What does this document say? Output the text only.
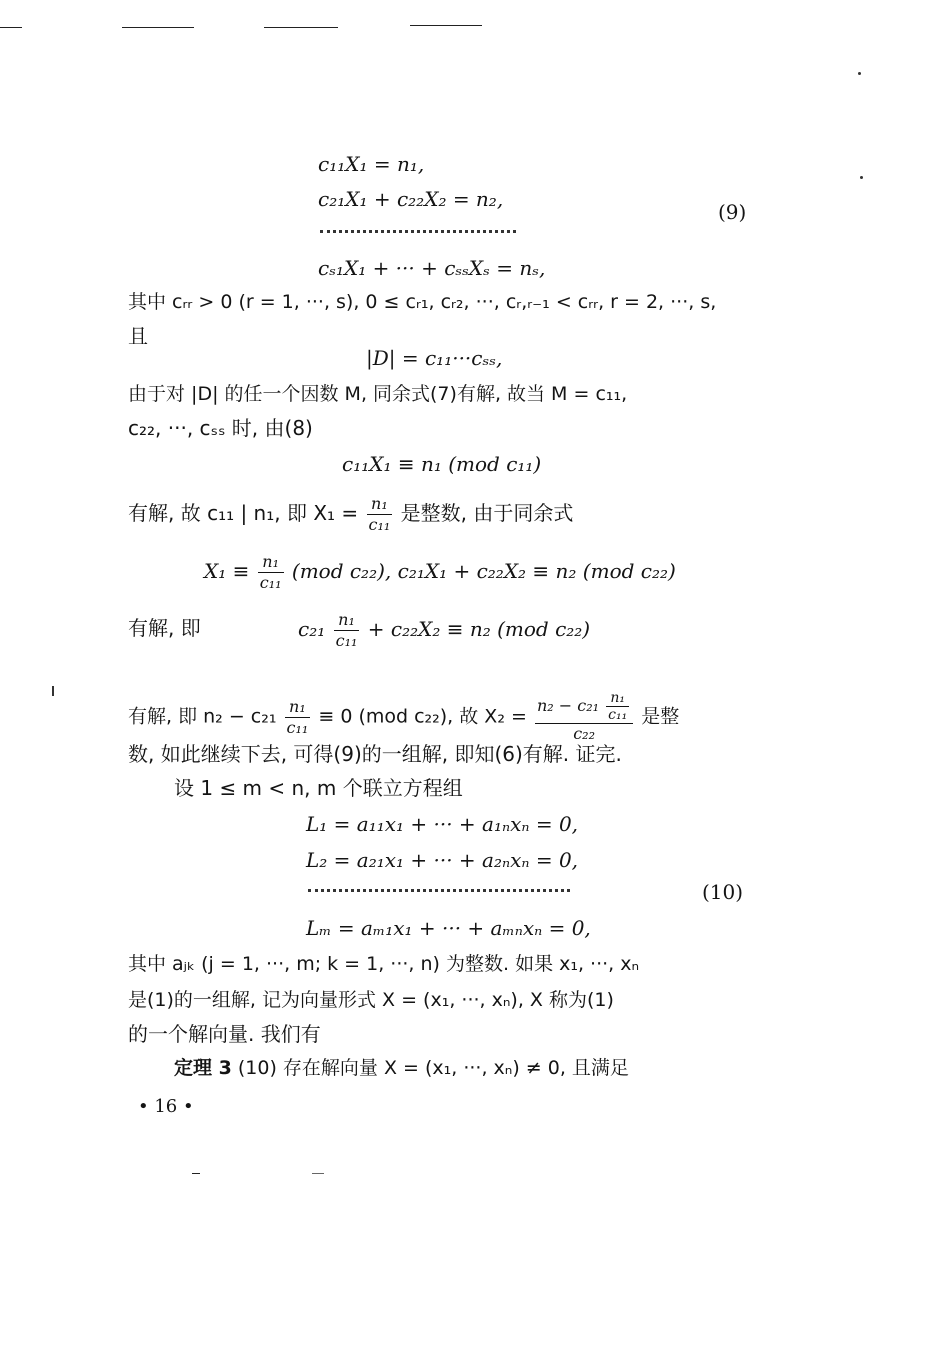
c₁₁X₁ = n₁,
c₂₁X₁ + c₂₂X₂ = n₂,
cₛ₁X₁ + ··· + cₛₛXₛ = nₛ,
(9)
其中 cᵣᵣ > 0 (r = 1, ···, s), 0 ≤ cᵣ₁, cᵣ₂, ···, cᵣ,ᵣ₋₁ < cᵣᵣ, r = 2, ···, s,
且
|D| = c₁₁···cₛₛ,
由于对 |D| 的任一个因数 M, 同余式(7)有解, 故当 M = c₁₁,
c₂₂, ···, cₛₛ 时, 由(8)
c₁₁X₁ ≡ n₁ (mod c₁₁)
有解, 故 c₁₁ | n₁, 即 $X_1 = \frac{\text{n₁}}{\text{c₁₁}}$ 是整数, 由于同余式
$X_1 \equiv \frac{\text{n₁}}{\text{c₁₁}} (mod$ c₂₂), c₂₁X₁ + c₂₂X₂ ≡ n₂ (mod c₂₂)
有解, 即	$c_{21} \frac{\text{n₁}}{\text{c₁₁}} + c_{22}X_2 \equiv n_2$ (mod c₂₂)
有解, 即 $n_2 - c_{21} \frac{\text{n₁}}{\text{c₁₁}} \equiv 0$ (mod c₂₂), 故 $X_2 = \frac{n_2 - c_{21} \frac{\text{n₁}}{\text{c₁₁}}}{\text{c₂₂}}$ 是整
数, 如此继续下去, 可得(9)的一组解, 即知(6)有解. 证完.
设 1 ≤ m < n, m 个联立方程组
L₁ = a₁₁x₁ + ··· + a₁ₙxₙ = 0,
L₂ = a₂₁x₁ + ··· + a₂ₙxₙ = 0,
Lₘ = aₘ₁x₁ + ··· + aₘₙxₙ = 0,
(10)
其中 aⱼₖ (j = 1, ···, m; k = 1, ···, n) 为整数. 如果 x₁, ···, xₙ
是(1)的一组解, 记为向量形式 X = (x₁, ···, xₙ), X 称为(1)
的一个解向量. 我们有
定理 3 (10) 存在解向量 X = (x₁, ···, xₙ) ≠ 0, 且满足
• 16 •
